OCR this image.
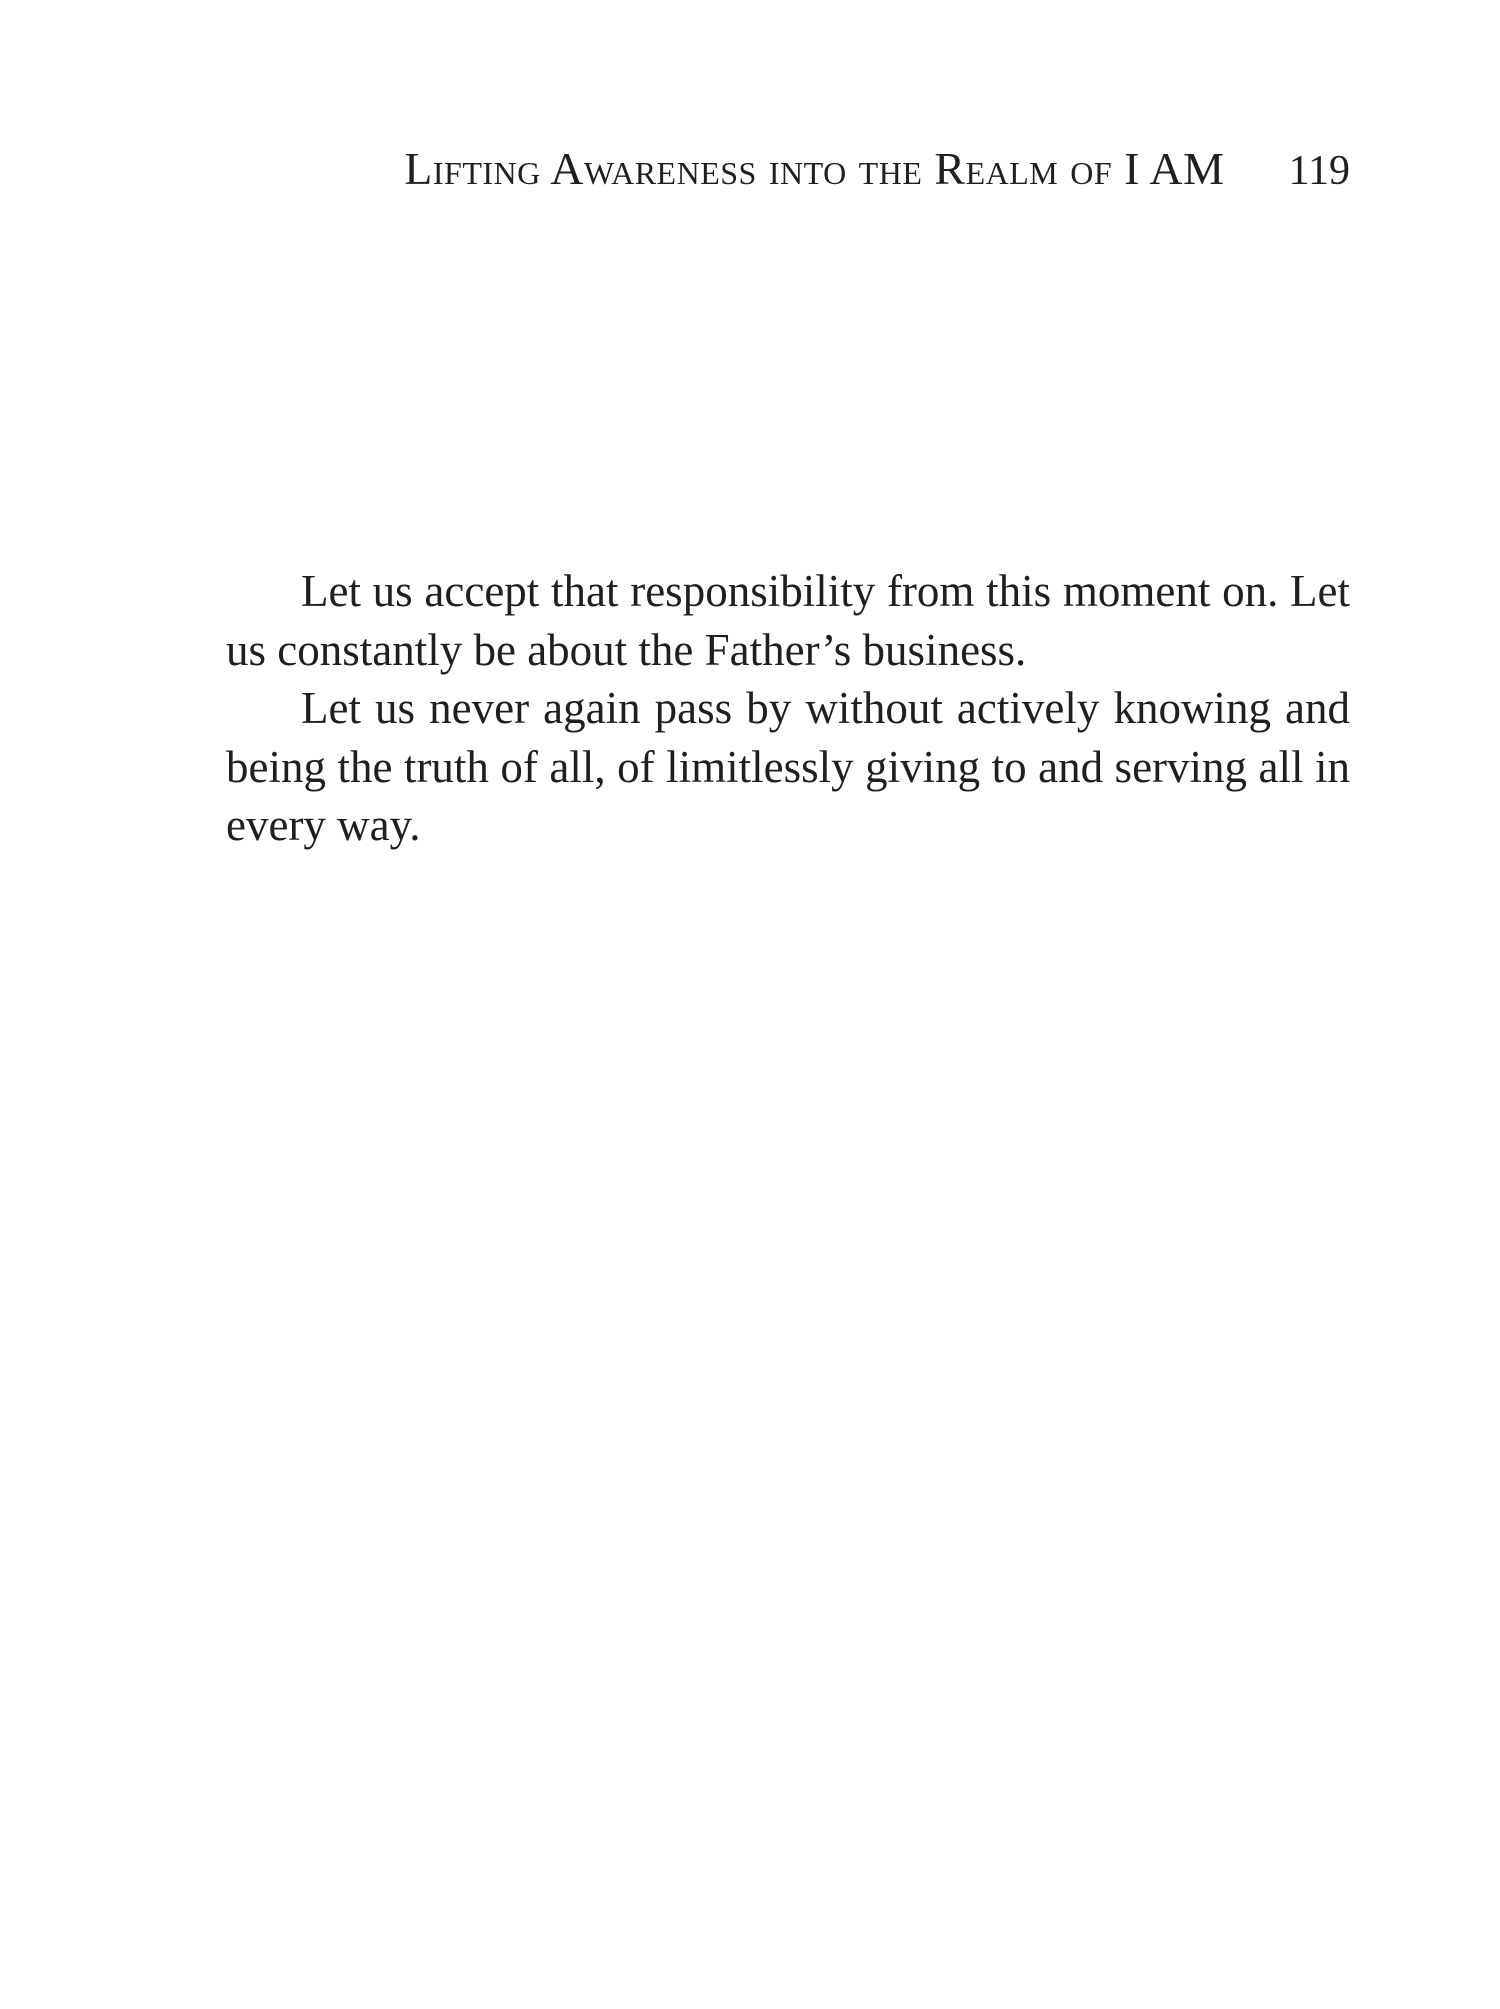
Lifting Awareness into the Realm of I AM 119

Let us accept that responsibility from this moment on. Let us constantly be about the Father’s business.

Let us never again pass by without actively knowing and being the truth of all, of limitlessly giving to and serving all in every way.
